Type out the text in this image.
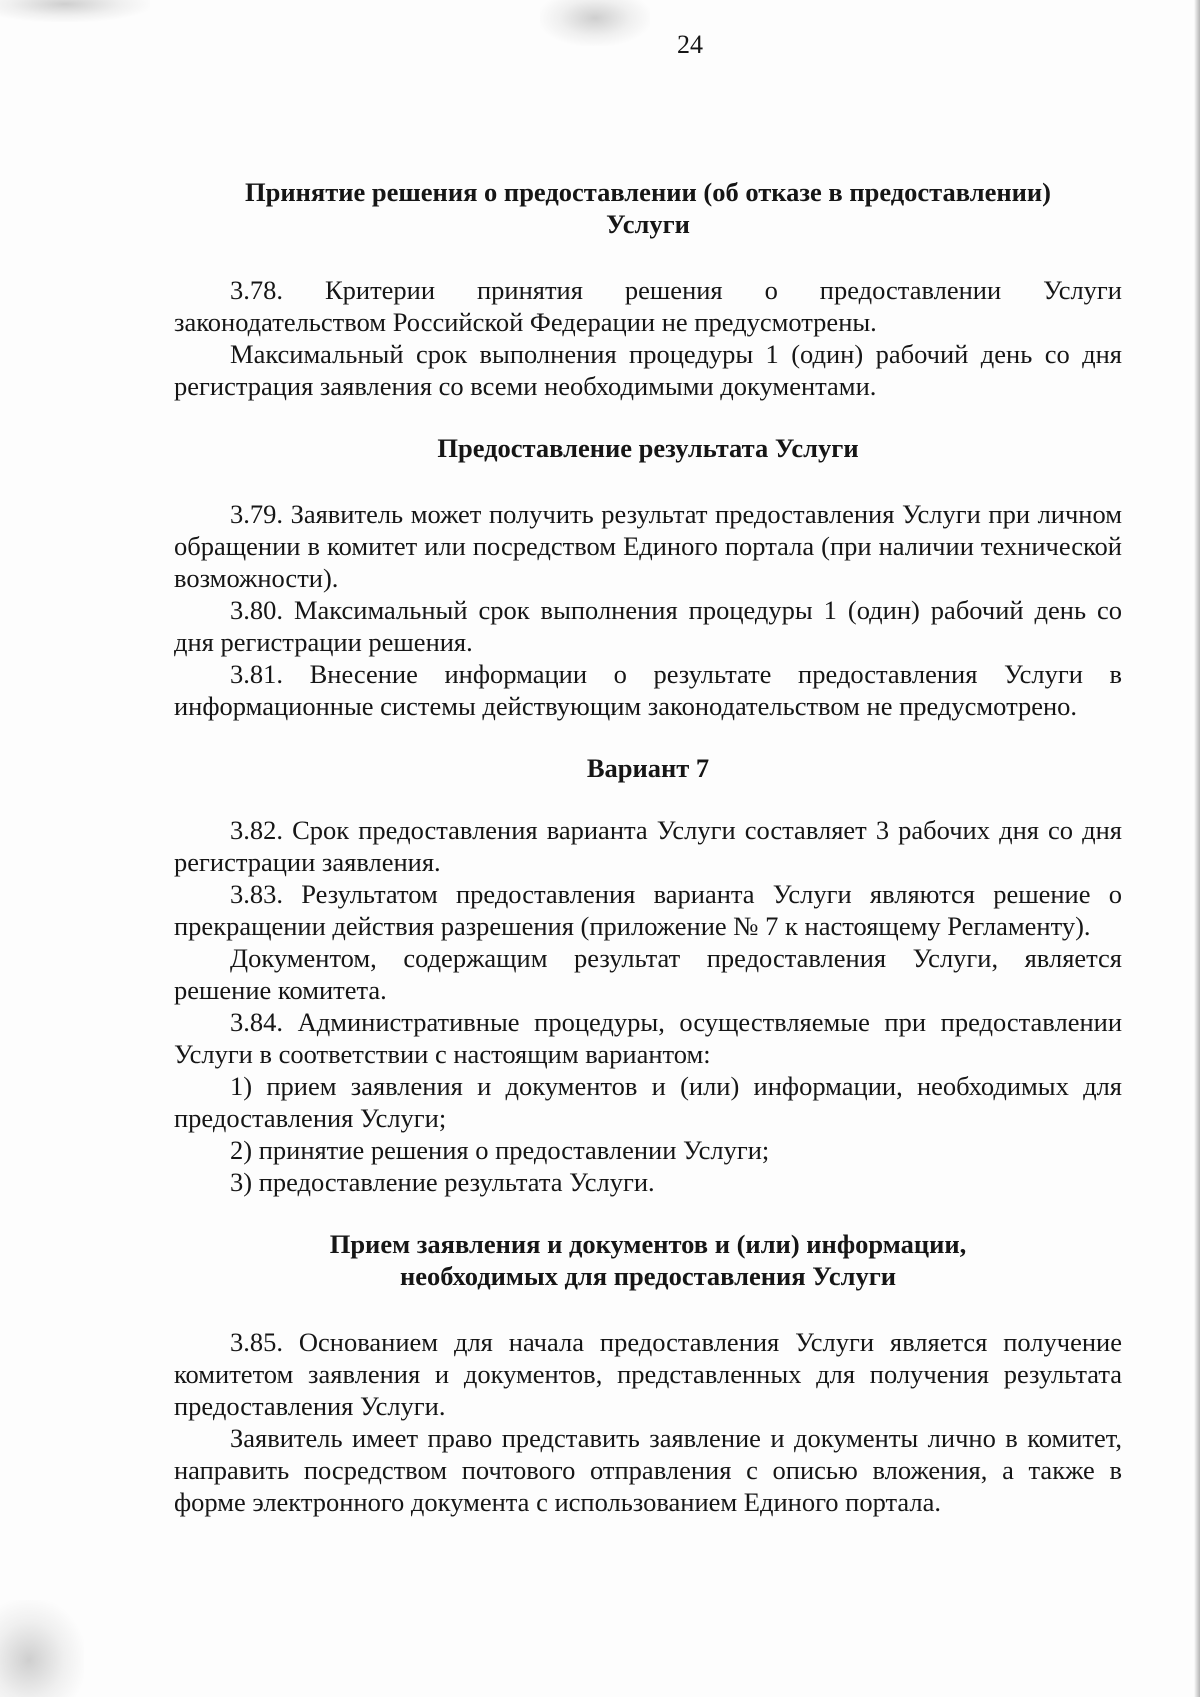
24

Принятие решения о предоставлении (об отказе в предоставлении)
Услуги

3.78. Критерии принятия решения о предоставлении Услуги законодательством Российской Федерации не предусмотрены.

Максимальный срок выполнения процедуры 1 (один) рабочий день со дня регистрация заявления со всеми необходимыми документами.

Предоставление результата Услуги

3.79. Заявитель может получить результат предоставления Услуги при личном обращении в комитет или посредством Единого портала (при наличии технической возможности).

3.80. Максимальный срок выполнения процедуры 1 (один) рабочий день со дня регистрации решения.

3.81. Внесение информации о результате предоставления Услуги в информационные системы действующим законодательством не предусмотрено.

Вариант 7

3.82. Срок предоставления варианта Услуги составляет 3 рабочих дня со дня регистрации заявления.

3.83. Результатом предоставления варианта Услуги являются решение о прекращении действия разрешения (приложение № 7 к настоящему Регламенту).

Документом, содержащим результат предоставления Услуги, является решение комитета.

3.84. Административные процедуры, осуществляемые при предоставлении Услуги в соответствии с настоящим вариантом:

1) прием заявления и документов и (или) информации, необходимых для предоставления Услуги;

2) принятие решения о предоставлении Услуги;

3) предоставление результата Услуги.

Прием заявления и документов и (или) информации,
необходимых для предоставления Услуги

3.85. Основанием для начала предоставления Услуги является получение комитетом заявления и документов, представленных для получения результата предоставления Услуги.

Заявитель имеет право представить заявление и документы лично в комитет, направить посредством почтового отправления с описью вложения, а также в форме электронного документа с использованием Единого портала.
